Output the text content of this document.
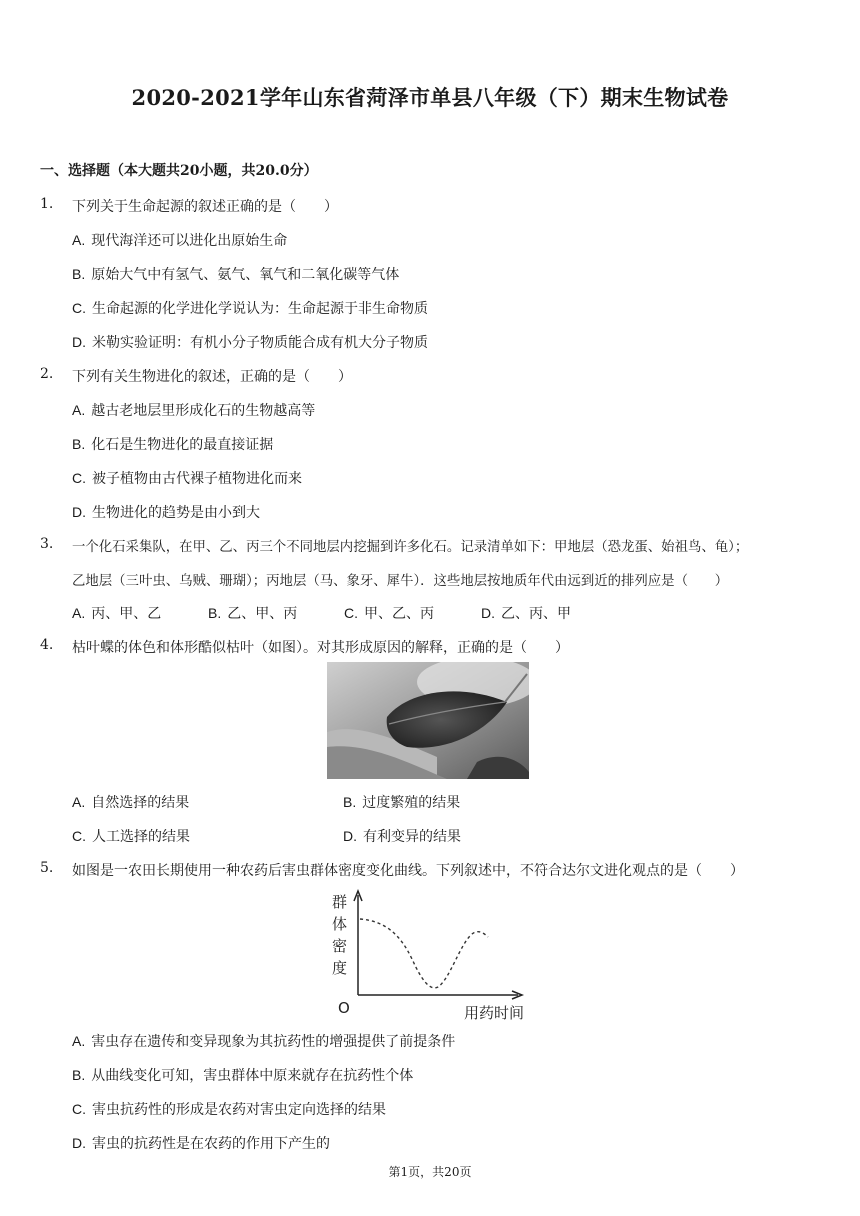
2020-2021学年山东省菏泽市单县八年级（下）期末生物试卷
一、选择题（本大题共20小题，共20.0分）
1. 下列关于生命起源的叙述正确的是（　　）
A. 现代海洋还可以进化出原始生命
B. 原始大气中有氢气、氨气、氧气和二氧化碳等气体
C. 生命起源的化学进化学说认为：生命起源于非生命物质
D. 米勒实验证明：有机小分子物质能合成有机大分子物质
2. 下列有关生物进化的叙述，正确的是（　　）
A. 越古老地层里形成化石的生物越高等
B. 化石是生物进化的最直接证据
C. 被子植物由古代裸子植物进化而来
D. 生物进化的趋势是由小到大
3. 一个化石采集队，在甲、乙、丙三个不同地层内挖掘到许多化石。记录清单如下：甲地层（恐龙蛋、始祖鸟、龟）；
乙地层（三叶虫、乌贼、珊瑚）；丙地层（马、象牙、犀牛）．这些地层按地质年代由远到近的排列应是（　　）
A. 丙、甲、乙	B. 乙、甲、丙	C. 甲、乙、丙	D. 乙、丙、甲
4. 枯叶蝶的体色和体形酷似枯叶（如图）。对其形成原因的解释，正确的是（　　）
A. 自然选择的结果	B. 过度繁殖的结果
C. 人工选择的结果	D. 有利变异的结果
5. 如图是一农田长期使用一种农药后害虫群体密度变化曲线。下列叙述中，不符合达尔文进化观点的是（　　）
群
体
密
度
O	用药时间
A. 害虫存在遗传和变异现象为其抗药性的增强提供了前提条件
B. 从曲线变化可知，害虫群体中原来就存在抗药性个体
C. 害虫抗药性的形成是农药对害虫定向选择的结果
D. 害虫的抗药性是在农药的作用下产生的
第1页，共20页
